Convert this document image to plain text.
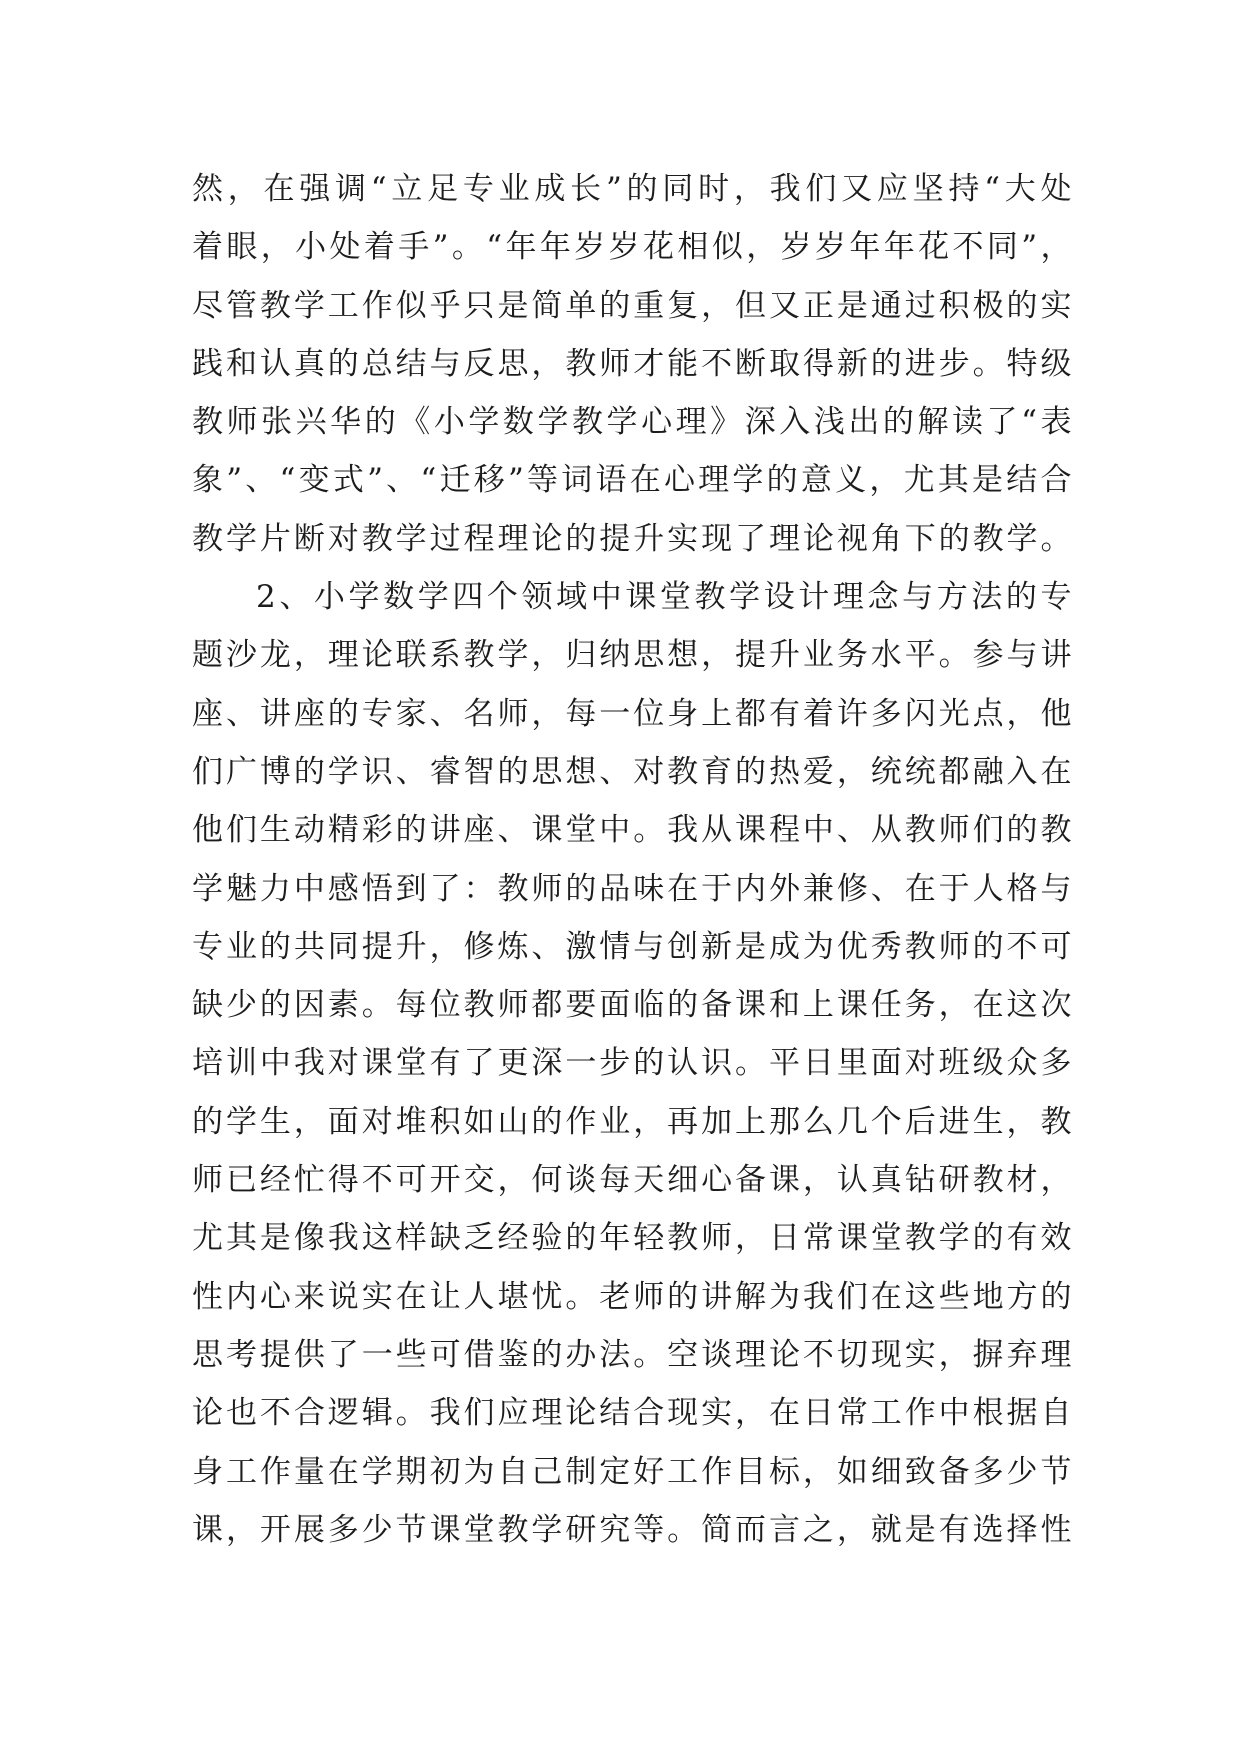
然，在强调“立足专业成长”的同时，我们又应坚持“大处
着眼，小处着手”。“年年岁岁花相似，岁岁年年花不同”，
尽管教学工作似乎只是简单的重复，但又正是通过积极的实
践和认真的总结与反思，教师才能不断取得新的进步。特级
教师张兴华的《小学数学教学心理》深入浅出的解读了“表
象”、“变式”、“迁移”等词语在心理学的意义，尤其是结合
教学片断对教学过程理论的提升实现了理论视角下的教学。
2、小学数学四个领域中课堂教学设计理念与方法的专
题沙龙，理论联系教学，归纳思想，提升业务水平。参与讲
座、讲座的专家、名师，每一位身上都有着许多闪光点，他
们广博的学识、睿智的思想、对教育的热爱，统统都融入在
他们生动精彩的讲座、课堂中。我从课程中、从教师们的教
学魅力中感悟到了：教师的品味在于内外兼修、在于人格与
专业的共同提升，修炼、激情与创新是成为优秀教师的不可
缺少的因素。每位教师都要面临的备课和上课任务，在这次
培训中我对课堂有了更深一步的认识。平日里面对班级众多
的学生，面对堆积如山的作业，再加上那么几个后进生，教
师已经忙得不可开交，何谈每天细心备课，认真钻研教材，
尤其是像我这样缺乏经验的年轻教师，日常课堂教学的有效
性内心来说实在让人堪忧。老师的讲解为我们在这些地方的
思考提供了一些可借鉴的办法。空谈理论不切现实，摒弃理
论也不合逻辑。我们应理论结合现实，在日常工作中根据自
身工作量在学期初为自己制定好工作目标，如细致备多少节
课，开展多少节课堂教学研究等。简而言之，就是有选择性
